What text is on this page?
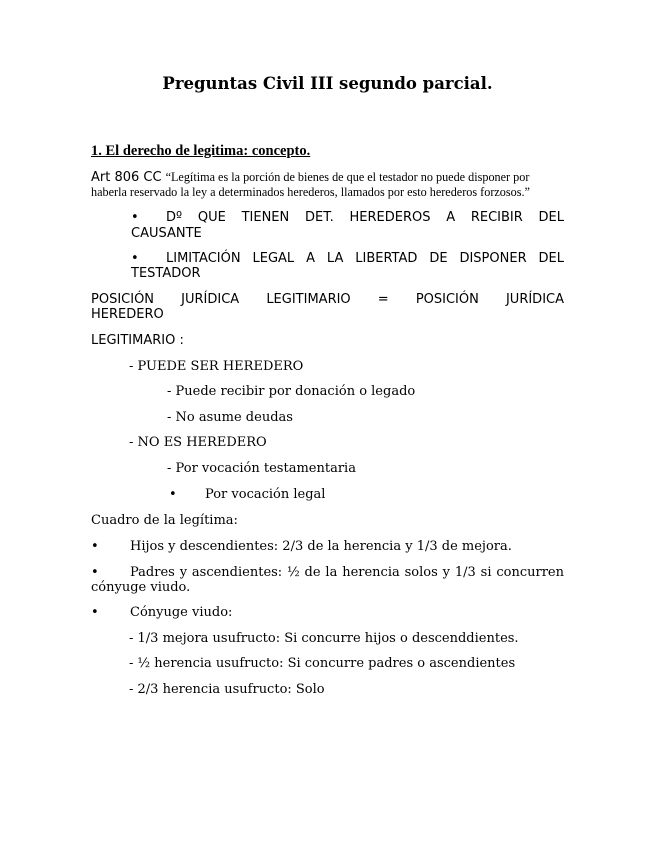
Preguntas Civil III segundo parcial.
1. El derecho de legitima: concepto.
Art 806 CC “Legítima es la porción de bienes de que el testador no puede disponer por
haberla reservado la ley a determinados herederos, llamados por esto herederos forzosos.”
• Dº QUE TIENEN DET. HEREDEROS A RECIBIR DEL
CAUSANTE
• LIMITACIÓN LEGAL A LA LIBERTAD DE DISPONER DEL
TESTADOR
POSICIÓN JURÍDICA LEGITIMARIO = POSICIÓN JURÍDICA
HEREDERO
LEGITIMARIO :
- PUEDE SER HEREDERO
- Puede recibir por donación o legado
- No asume deudas
- NO ES HEREDERO
- Por vocación testamentaria
• Por vocación legal
Cuadro de la legítima:
• Hijos y descendientes: 2/3 de la herencia y 1/3 de mejora.
• Padres y ascendientes: ½ de la herencia solos y 1/3 si concurren
cónyuge viudo.
• Cónyuge viudo:
- 1/3 mejora usufructo: Si concurre hijos o descenddientes.
- ½ herencia usufructo: Si concurre padres o ascendientes
- 2/3 herencia usufructo: Solo
